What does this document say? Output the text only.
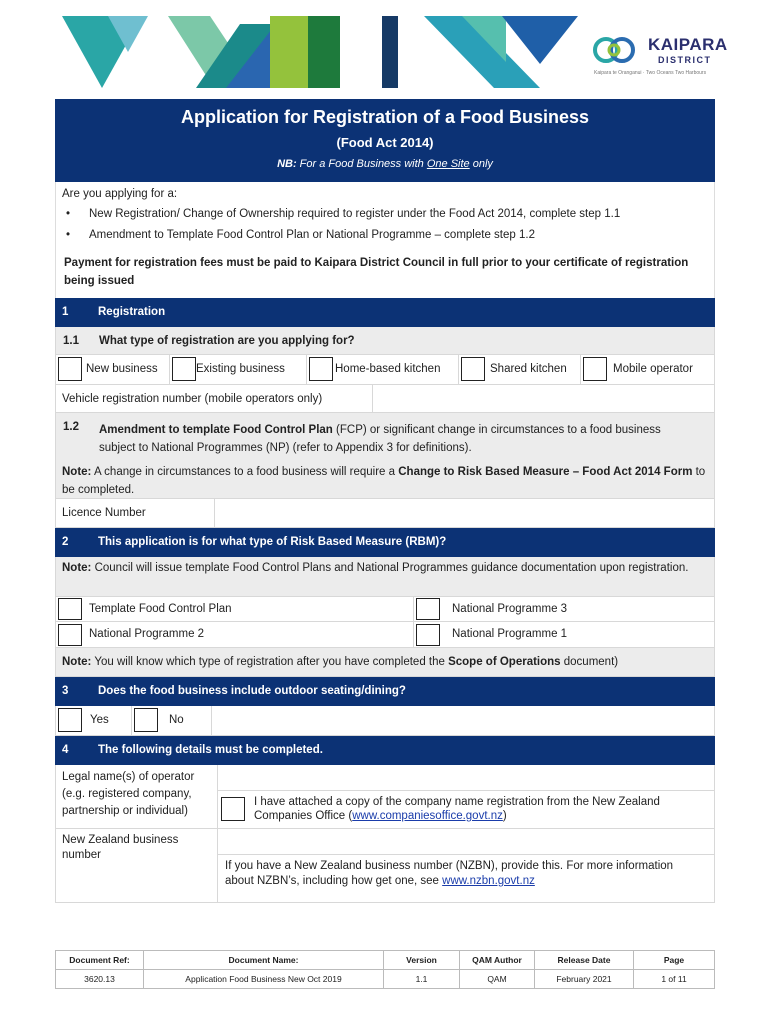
KAIPARA
DISTRICT
Kaipara te Oranganui · Two Oceans Two Harbours
Application for Registration of a Food Business
(Food Act 2014)
NB: For a Food Business with One Site only

Are you applying for a:

• New Registration/ Change of Ownership required to register under the Food Act 2014, complete step 1.1
• Amendment to Template Food Control Plan or National Programme – complete step 1.2
Payment for registration fees must be paid to Kaipara District Council in full prior to your certificate of registration being issued
1	Registration
1.1 What type of registration are you applying for?
New business	Existing business	Home-based kitchen	Shared kitchen	Mobile operator
Vehicle registration number (mobile operators only)
1.2 Amendment to template Food Control Plan (FCP) or significant change in circumstances to a food business subject to National Programmes (NP) (refer to Appendix 3 for definitions).
Note: A change in circumstances to a food business will require a Change to Risk Based Measure – Food Act 2014 Form to be completed.
Licence Number
2	This application is for what type of Risk Based Measure (RBM)?
Note: Council will issue template Food Control Plans and National Programmes guidance documentation upon registration.
Template Food Control Plan	National Programme 3
National Programme 2	National Programme 1
Note: You will know which type of registration after you have completed the Scope of Operations document)
3	Does the food business include outdoor seating/dining?
Yes	No
4	The following details must be completed.
Legal name(s) of operator (e.g. registered company, partnership or individual)
I have attached a copy of the company name registration from the New Zealand Companies Office (www.companiesoffice.govt.nz)
New Zealand business number
If you have a New Zealand business number (NZBN), provide this. For more information about NZBN’s, including how get one, see www.nzbn.govt.nz
Document Ref:	Document Name:	Version	QAM Author	Release Date	Page
3620.13	Application Food Business New Oct 2019	1.1	QAM	February 2021	1 of 11
